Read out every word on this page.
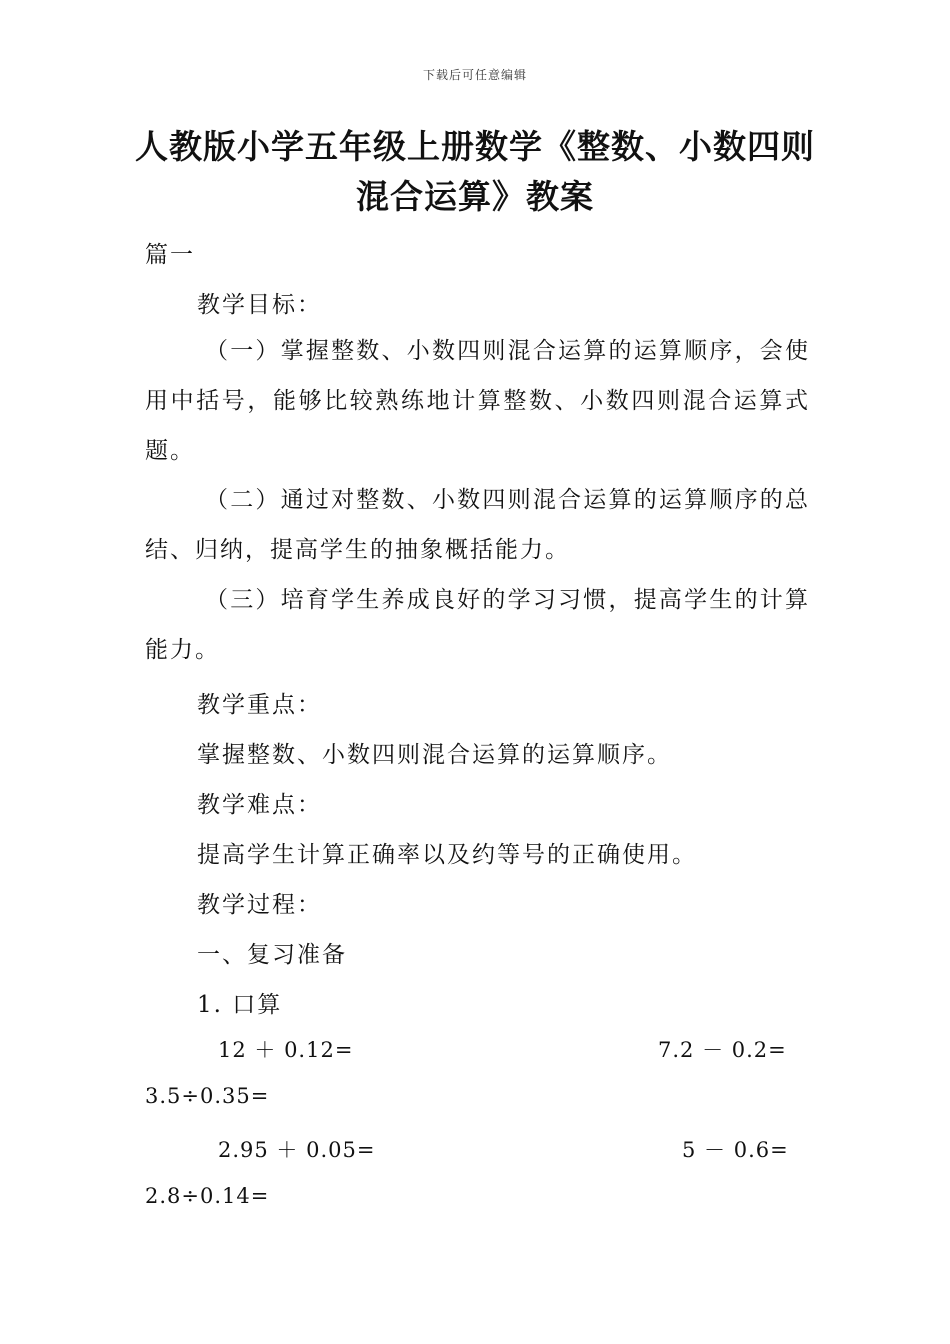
下载后可任意编辑
人教版小学五年级上册数学《整数、小数四则混合运算》教案
篇一
教学目标：
（一）掌握整数、小数四则混合运算的运算顺序，会使用中括号，能够比较熟练地计算整数、小数四则混合运算式题。
（二）通过对整数、小数四则混合运算的运算顺序的总结、归纳，提高学生的抽象概括能力。
（三）培育学生养成良好的学习习惯，提高学生的计算能力。
教学重点：
掌握整数、小数四则混合运算的运算顺序。
教学难点：
提高学生计算正确率以及约等号的正确使用。
教学过程：
一、复习准备
1. 口算
12 ＋ 0.12=	7.2 － 0.2=
3.5÷0.35=
2.95 ＋ 0.05=	5 － 0.6=
2.8÷0.14=
